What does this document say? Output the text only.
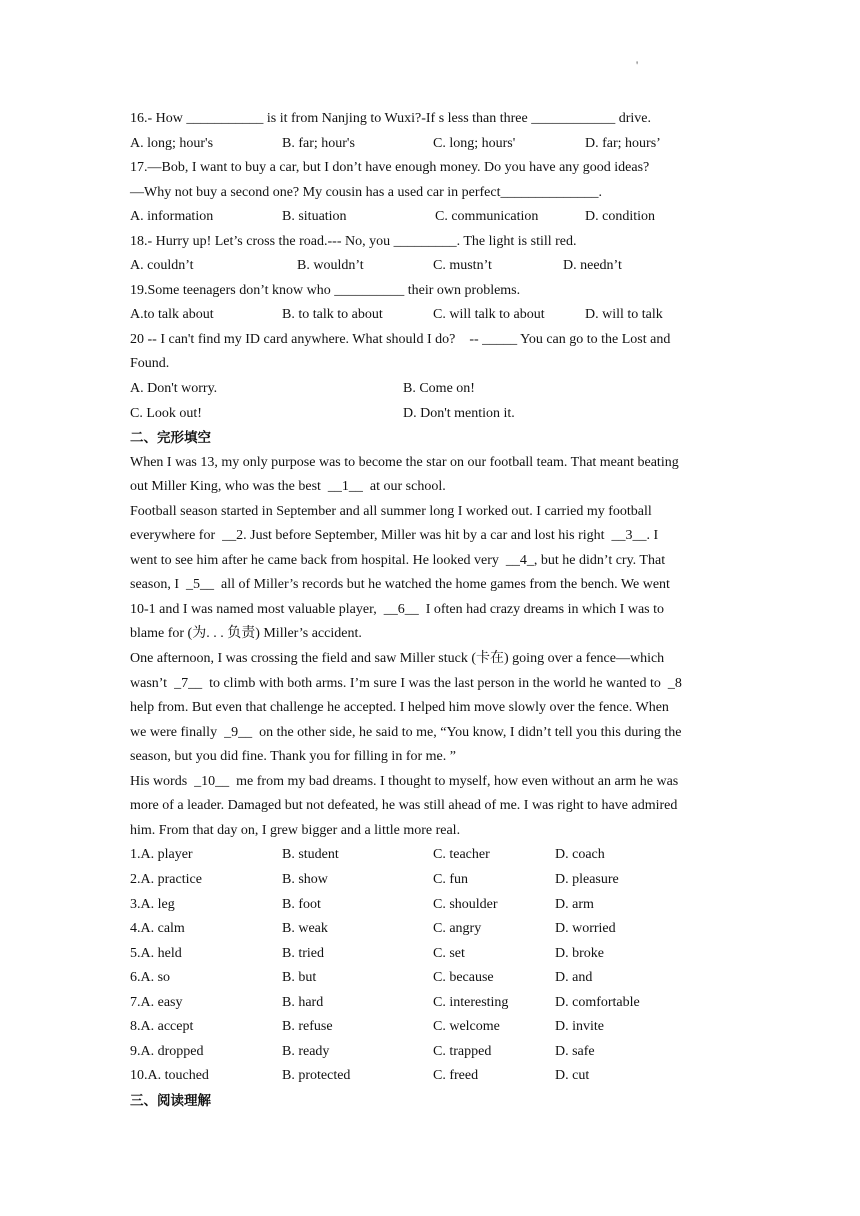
'
16.- How ___________ is it from Nanjing to Wuxi?-If s less than three ____________ drive.
A. long; hour's	B. far; hour's	C. long; hours'	D. far; hours’
17.—Bob, I want to buy a car, but I don’t have enough money. Do you have any good ideas?
—Why not buy a second one? My cousin has a used car in perfect______________.
A. information	B. situation	C. communication	D. condition
18.- Hurry up! Let’s cross the road.--- No, you _________. The light is still red.
A. couldn’t	B. wouldn’t	C. mustn’t	D. needn’t
19.Some teenagers don’t know who __________ their own problems.
A.to talk about	B. to talk to about	C. will talk to about	D. will to talk
20 -- I can't find my ID card anywhere. What should I do?    -- _____ You can go to the Lost and
Found.
A. Don't worry.	B. Come on!
C. Look out!	D. Don't mention it.
二、完形填空
When I was 13, my only purpose was to become the star on our football team. That meant beating
out Miller King, who was the best  __1__  at our school.
Football season started in September and all summer long I worked out. I carried my football
everywhere for  __2. Just before September, Miller was hit by a car and lost his right  __3__. I
went to see him after he came back from hospital. He looked very  __4_, but he didn’t cry. That
season, I  _5__  all of Miller’s records but he watched the home games from the bench. We went
10-1 and I was named most valuable player,  __6__  I often had crazy dreams in which I was to
blame for (为. . . 负责) Miller’s accident.
One afternoon, I was crossing the field and saw Miller stuck (卡在) going over a fence—which
wasn’t  _7__  to climb with both arms. I’m sure I was the last person in the world he wanted to  _8
help from. But even that challenge he accepted. I helped him move slowly over the fence. When
we were finally  _9__  on the other side, he said to me, “You know, I didn’t tell you this during the
season, but you did fine. Thank you for filling in for me. ”
His words  _10__  me from my bad dreams. I thought to myself, how even without an arm he was
more of a leader. Damaged but not defeated, he was still ahead of me. I was right to have admired
him. From that day on, I grew bigger and a little more real.
1.A. player	B. student	C. teacher	D. coach
2.A. practice	B. show	C. fun	D. pleasure
3.A. leg	B. foot	C. shoulder	D. arm
4.A. calm	B. weak	C. angry	D. worried
5.A. held	B. tried	C. set	D. broke
6.A. so	B. but	C. because	D. and
7.A. easy	B. hard	C. interesting	D. comfortable
8.A. accept	B. refuse	C. welcome	D. invite
9.A. dropped	B. ready	C. trapped	D. safe
10.A. touched	B. protected	C. freed	D. cut
三、阅读理解
